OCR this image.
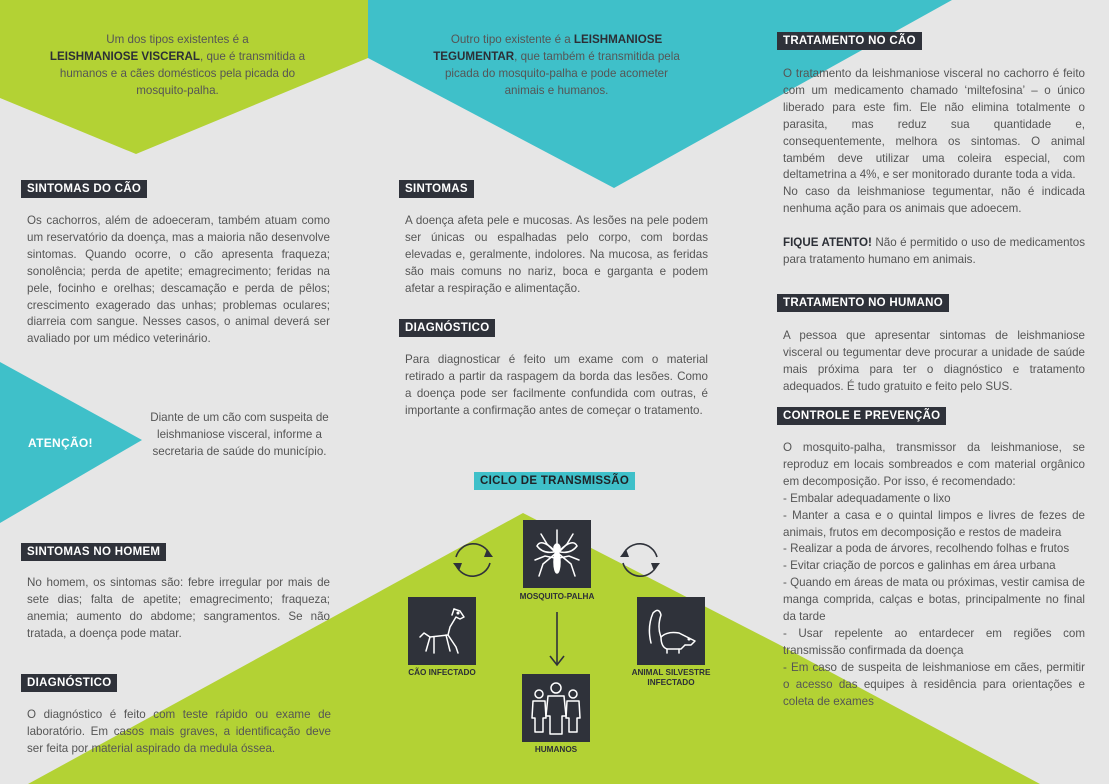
Um dos tipos existentes é a
LEISHMANIOSE VISCERAL, que é transmitida a humanos e a cães domésticos pela picada do mosquito-palha.
Outro tipo existente é a LEISHMANIOSE TEGUMENTAR, que também é transmitida pela picada do mosquito-palha e pode acometer animais e humanos.
SINTOMAS DO CÃO
Os cachorros, além de adoeceram, também atuam como um reservatório da doença, mas a maioria não desenvolve sintomas. Quando ocorre, o cão apresenta fraqueza; sonolência; perda de apetite; emagrecimento; feridas na pele, focinho e orelhas; descamação e perda de pêlos; crescimento exagerado das unhas; problemas oculares; diarreia com sangue. Nesses casos, o animal deverá ser avaliado por um médico veterinário.
ATENÇÃO!
Diante de um cão com suspeita de leishmaniose visceral, informe a secretaria de saúde do município.
SINTOMAS NO HOMEM
No homem, os sintomas são: febre irregular por mais de sete dias; falta de apetite; emagrecimento; fraqueza; anemia; aumento do abdome; sangramentos. Se não tratada, a doença pode matar.
DIAGNÓSTICO
O diagnóstico é feito com teste rápido ou exame de laboratório. Em casos mais graves, a identificação deve ser feita por material aspirado da medula óssea.
SINTOMAS
A doença afeta pele e mucosas. As lesões na pele podem ser únicas ou espalhadas pelo corpo, com bordas elevadas e, geralmente, indolores. Na mucosa, as feridas são mais comuns no nariz, boca e garganta e podem afetar a respiração e alimentação.
DIAGNÓSTICO
Para diagnosticar é feito um exame com o material retirado a partir da raspagem da borda das lesões. Como a doença pode ser facilmente confundida com outras, é importante a confirmação antes de começar o tratamento.
CICLO DE TRANSMISSÃO
MOSQUITO-PALHA
CÃO INFECTADO	ANIMAL SILVESTRE INFECTADO
HUMANOS
TRATAMENTO NO CÃO

O tratamento da leishmaniose visceral no cachorro é feito com um medicamento chamado ‘miltefosina’ – o único liberado para este fim. Ele não elimina totalmente o parasita, mas reduz sua quantidade e, consequentemente, melhora os sintomas. O animal também deve utilizar uma coleira especial, com deltametrina a 4%, e ser monitorado durante toda a vida.

No caso da leishmaniose tegumentar, não é indicada nenhuma ação para os animais que adoecem.

FIQUE ATENTO! Não é permitido o uso de medicamentos para tratamento humano em animais.

TRATAMENTO NO HUMANO
A pessoa que apresentar sintomas de leishmaniose visceral ou tegumentar deve procurar a unidade de saúde mais próxima para ter o diagnóstico e tratamento adequados. É tudo gratuito e feito pelo SUS.
CONTROLE E PREVENÇÃO

O mosquito-palha, transmissor da leishmaniose, se reproduz em locais sombreados e com material orgânico em decomposição. Por isso, é recomendado:

- Embalar adequadamente o lixo

- Manter a casa e o quintal limpos e livres de fezes de animais, frutos em decomposição e restos de madeira

- Realizar a poda de árvores, recolhendo folhas e frutos

- Evitar criação de porcos e galinhas em área urbana

- Quando em áreas de mata ou próximas, vestir camisa de manga comprida, calças e botas, principalmente no final da tarde

- Usar repelente ao entardecer em regiões com transmissão confirmada da doença

- Em caso de suspeita de leishmaniose em cães, permitir o acesso das equipes à residência para orientações e coleta de exames
